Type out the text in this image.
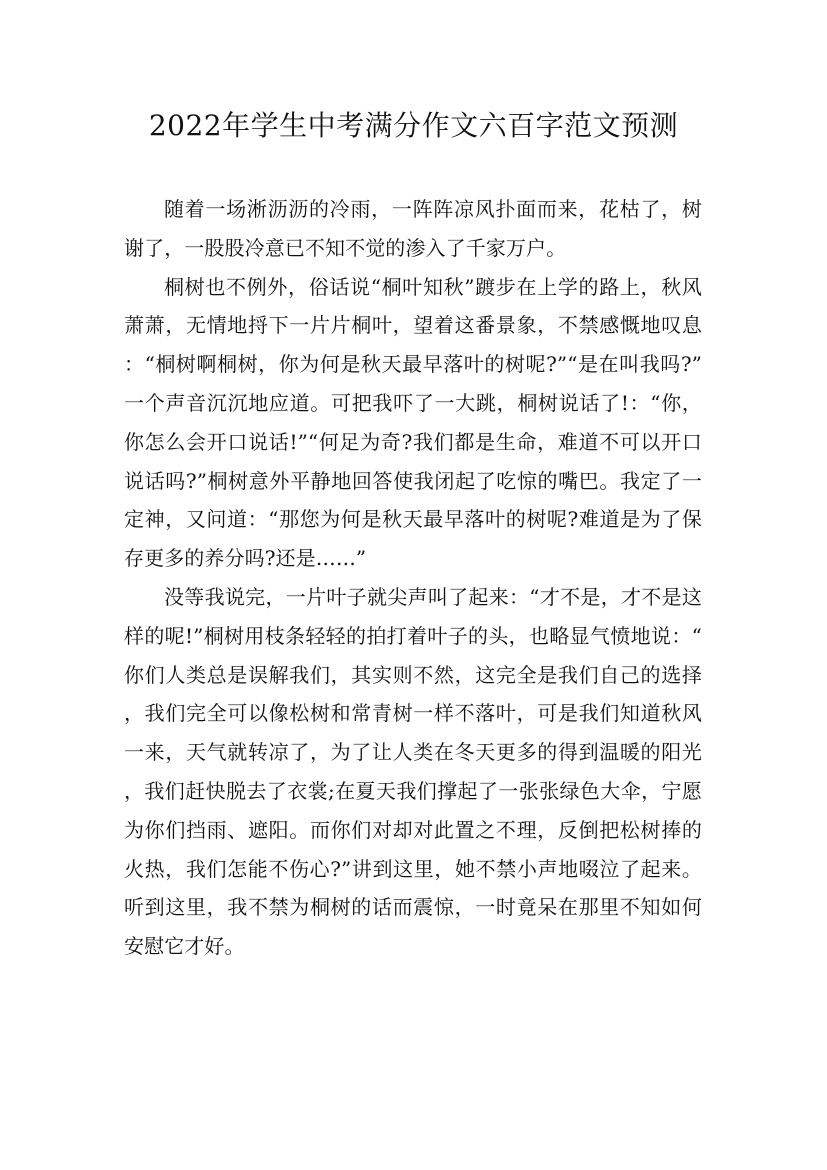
2022年学生中考满分作文六百字范文预测

随着一场淅沥沥的冷雨，一阵阵凉风扑面而来，花枯了，树谢了，一股股冷意已不知不觉的渗入了千家万户。

桐树也不例外，俗话说“桐叶知秋”踱步在上学的路上，秋风萧萧，无情地捋下一片片桐叶，望着这番景象，不禁感慨地叹息：“桐树啊桐树，你为何是秋天最早落叶的树呢?”“是在叫我吗?”一个声音沉沉地应道。可把我吓了一大跳，桐树说话了!：“你，你怎么会开口说话!”“何足为奇?我们都是生命，难道不可以开口说话吗?”桐树意外平静地回答使我闭起了吃惊的嘴巴。我定了一定神，又问道：“那您为何是秋天最早落叶的树呢?难道是为了保存更多的养分吗?还是……”

没等我说完，一片叶子就尖声叫了起来：“才不是，才不是这样的呢!”桐树用枝条轻轻的拍打着叶子的头，也略显气愤地说：“你们人类总是误解我们，其实则不然，这完全是我们自己的选择，我们完全可以像松树和常青树一样不落叶，可是我们知道秋风一来，天气就转凉了，为了让人类在冬天更多的得到温暖的阳光，我们赶快脱去了衣裳;在夏天我们撑起了一张张绿色大伞，宁愿为你们挡雨、遮阳。而你们对却对此置之不理，反倒把松树捧的火热，我们怎能不伤心?”讲到这里，她不禁小声地啜泣了起来。听到这里，我不禁为桐树的话而震惊，一时竟呆在那里不知如何安慰它才好。
